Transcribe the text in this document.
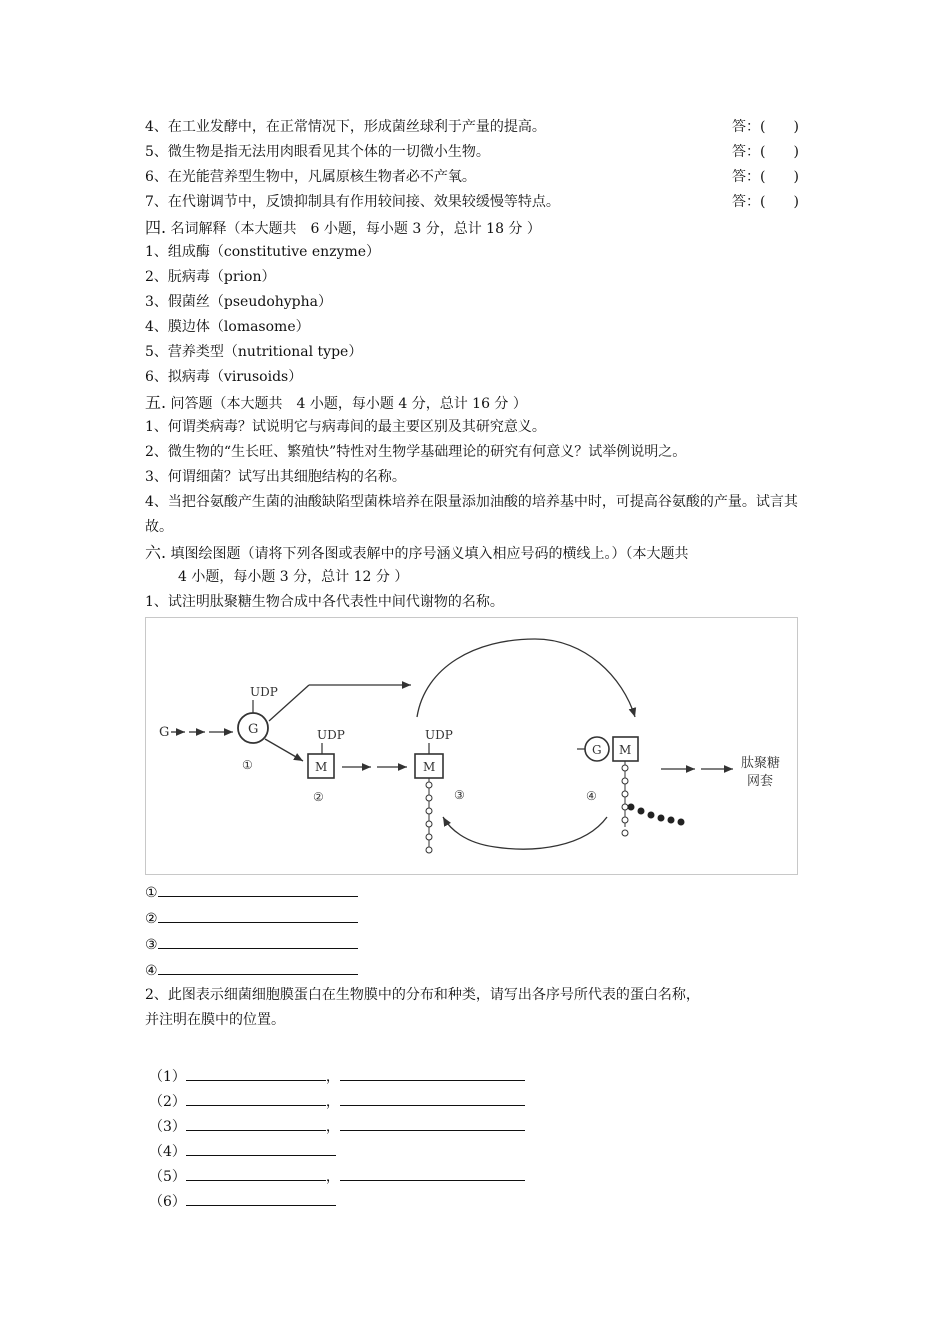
4、在工业发酵中，在正常情况下，形成菌丝球利于产量的提高。	答：(　　)
5、微生物是指无法用肉眼看见其个体的一切微小生物。	答：(　　)
6、在光能营养型生物中，凡属原核生物者必不产氧。	答：(　　)
7、在代谢调节中，反馈抑制具有作用较间接、效果较缓慢等特点。	答：(　　)
四. 名词解释（本大题共　6 小题，每小题 3 分，总计 18 分 ）
1、组成酶（constitutive enzyme）
2、朊病毒（prion）
3、假菌丝（pseudohypha）
4、膜边体（lomasome）
5、营养类型（nutritional type）
6、拟病毒（virusoids）
五. 问答题（本大题共　4 小题，每小题 4 分，总计 16 分 ）
1、何谓类病毒？试说明它与病毒间的最主要区别及其研究意义。
2、微生物的“生长旺、繁殖快”特性对生物学基础理论的研究有何意义？试举例说明之。
3、何谓细菌？试写出其细胞结构的名称。
4、当把谷氨酸产生菌的油酸缺陷型菌株培养在限量添加油酸的培养基中时，可提高谷氨酸的产量。试言其故。
六. 填图绘图题（请将下列各图或表解中的序号涵义填入相应号码的横线上。）（本大题共
4 小题，每小题 3 分，总计 12 分 ）
1、试注明肽聚糖生物合成中各代表性中间代谢物的名称。
G
UDP
G
①
UDP
M
②
UDP
M
③
G M
④
肽聚糖
网套
①
②
③
④
2、此图表示细菌细胞膜蛋白在生物膜中的分布和种类，请写出各序号所代表的蛋白名称，
并注明在膜中的位置。
（1）	，
（2）	，
（3）	，
（4）
（5）	，
（6）
